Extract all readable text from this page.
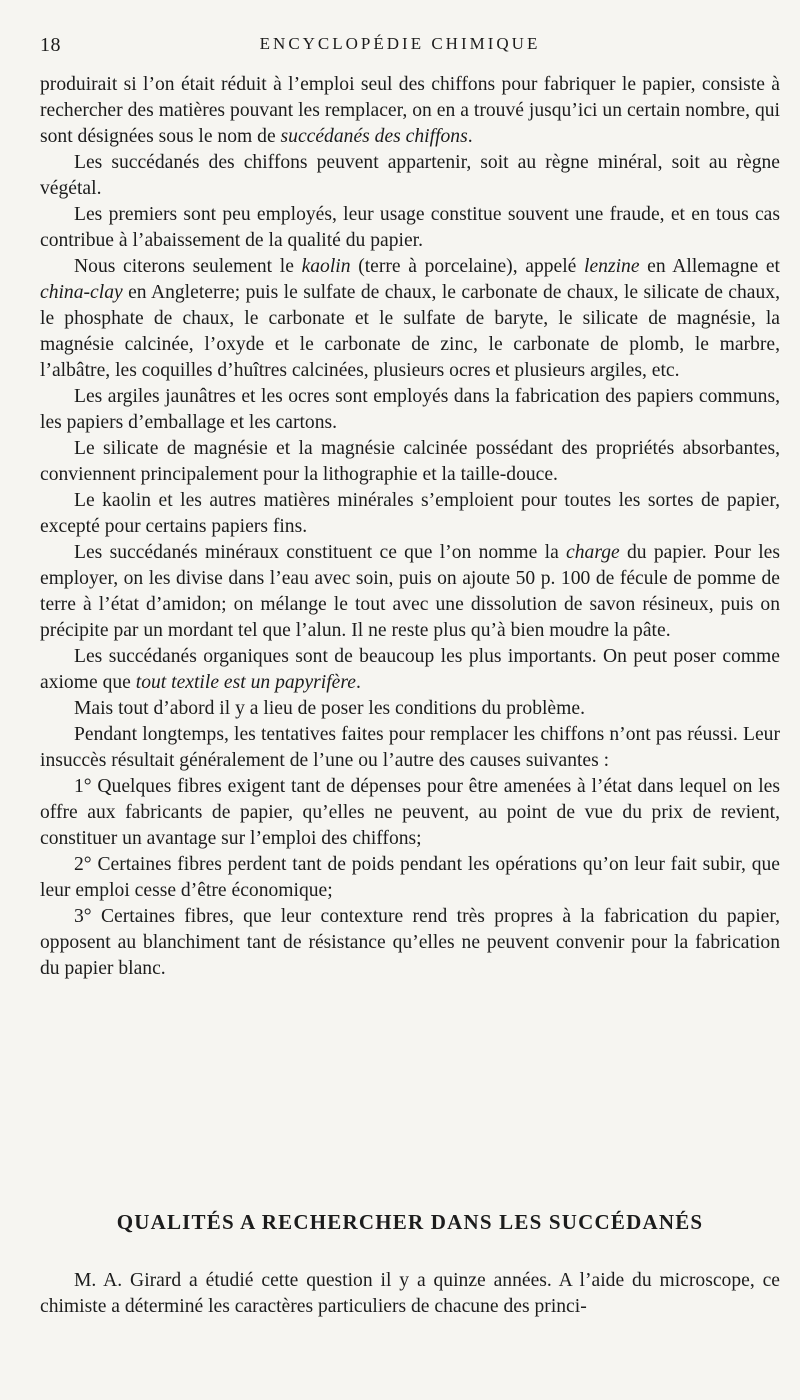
18	ENCYCLOPÉDIE CHIMIQUE

produirait si l’on était réduit à l’emploi seul des chiffons pour fabriquer le papier, consiste à rechercher des matières pouvant les remplacer, on en a trouvé jusqu’ici un certain nombre, qui sont désignées sous le nom de succédanés des chiffons.

Les succédanés des chiffons peuvent appartenir, soit au règne minéral, soit au règne végétal.

Les premiers sont peu employés, leur usage constitue souvent une fraude, et en tous cas contribue à l’abaissement de la qualité du papier.

Nous citerons seulement le kaolin (terre à porcelaine), appelé lenzine en Allemagne et china-clay en Angleterre; puis le sulfate de chaux, le carbonate de chaux, le silicate de chaux, le phosphate de chaux, le carbonate et le sulfate de baryte, le silicate de magnésie, la magnésie calcinée, l’oxyde et le carbonate de zinc, le carbonate de plomb, le marbre, l’albâtre, les coquilles d’huîtres calcinées, plusieurs ocres et plusieurs argiles, etc.

Les argiles jaunâtres et les ocres sont employés dans la fabrication des papiers communs, les papiers d’emballage et les cartons.

Le silicate de magnésie et la magnésie calcinée possédant des propriétés absorbantes, conviennent principalement pour la lithographie et la taille-douce.

Le kaolin et les autres matières minérales s’emploient pour toutes les sortes de papier, excepté pour certains papiers fins.

Les succédanés minéraux constituent ce que l’on nomme la charge du papier. Pour les employer, on les divise dans l’eau avec soin, puis on ajoute 50 p. 100 de fécule de pomme de terre à l’état d’amidon; on mélange le tout avec une dissolution de savon résineux, puis on précipite par un mordant tel que l’alun. Il ne reste plus qu’à bien moudre la pâte.

Les succédanés organiques sont de beaucoup les plus importants. On peut poser comme axiome que tout textile est un papyrifère.

Mais tout d’abord il y a lieu de poser les conditions du problème.

Pendant longtemps, les tentatives faites pour remplacer les chiffons n’ont pas réussi. Leur insuccès résultait généralement de l’une ou l’autre des causes suivantes :

1° Quelques fibres exigent tant de dépenses pour être amenées à l’état dans lequel on les offre aux fabricants de papier, qu’elles ne peuvent, au point de vue du prix de revient, constituer un avantage sur l’emploi des chiffons;

2° Certaines fibres perdent tant de poids pendant les opérations qu’on leur fait subir, que leur emploi cesse d’être économique;

3° Certaines fibres, que leur contexture rend très propres à la fabrication du papier, opposent au blanchiment tant de résistance qu’elles ne peuvent convenir pour la fabrication du papier blanc.

QUALITÉS A RECHERCHER DANS LES SUCCÉDANÉS

M. A. Girard a étudié cette question il y a quinze années. A l’aide du microscope, ce chimiste a déterminé les caractères particuliers de chacune des princi-
